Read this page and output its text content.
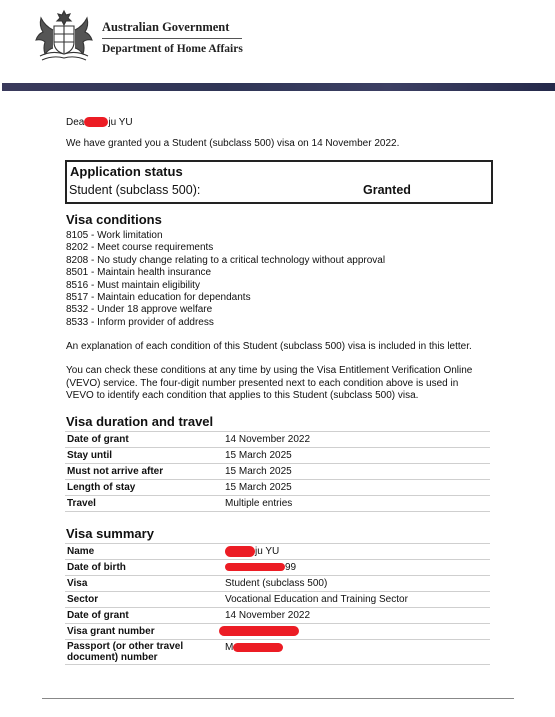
Australian Government
Department of Home Affairs
Dea ju YU
We have granted you a Student (subclass 500) visa on 14 November 2022.
Application status
Student (subclass 500):	Granted
Visa conditions
8105 - Work limitation
8202 - Meet course requirements
8208 - No study change relating to a critical technology without approval
8501 - Maintain health insurance
8516 - Must maintain eligibility
8517 - Maintain education for dependants
8532 - Under 18 approve welfare
8533 - Inform provider of address
An explanation of each condition of this Student (subclass 500) visa is included in this letter.
You can check these conditions at any time by using the Visa Entitlement Verification Online
(VEVO) service. The four-digit number presented next to each condition above is used in
VEVO to identify each condition that applies to this Student (subclass 500) visa.
Visa duration and travel
Date of grant	14 November 2022
Stay until	15 March 2025
Must not arrive after	15 March 2025
Length of stay	15 March 2025
Travel	Multiple entries
Visa summary
Name	ju YU
Date of birth	99
Visa	Student (subclass 500)
Sector	Vocational Education and Training Sector
Date of grant	14 November 2022
Visa grant number	

Passport (or other travel
document) number	M
